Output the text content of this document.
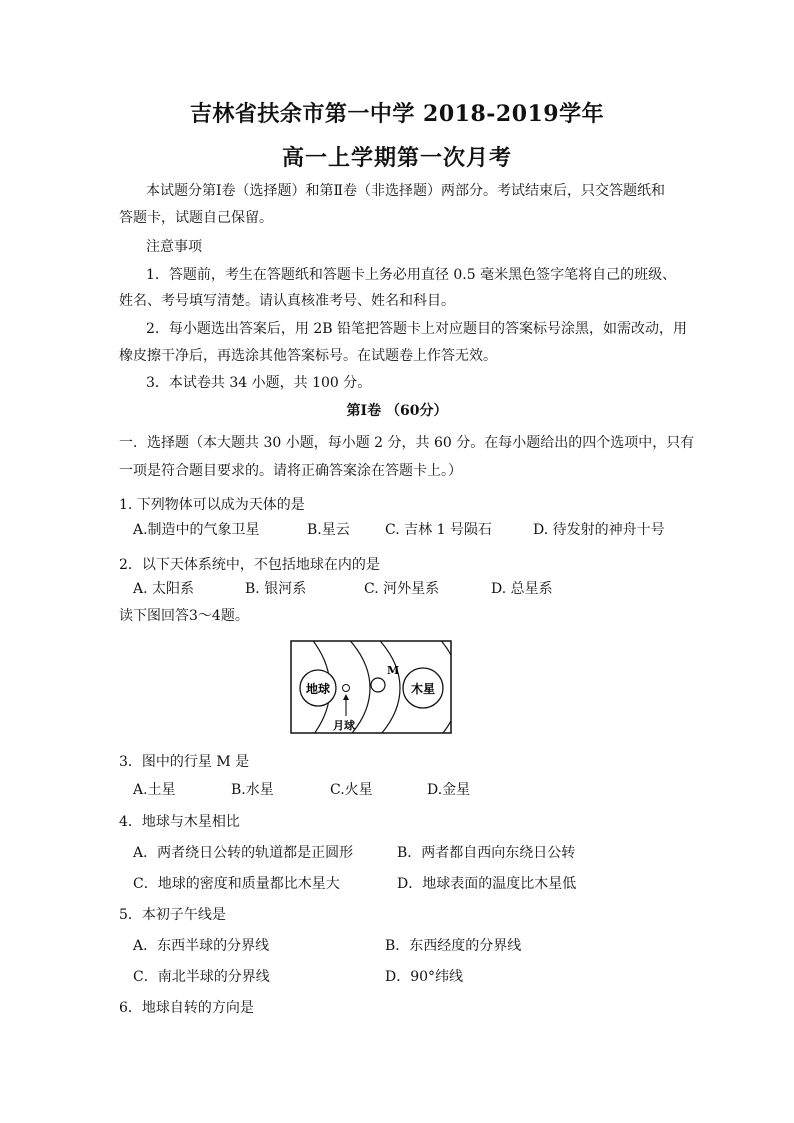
吉林省扶余市第一中学 2018-2019学年
高一上学期第一次月考
本试题分第Ⅰ卷（选择题）和第Ⅱ卷（非选择题）两部分。考试结束后，只交答题纸和
答题卡，试题自己保留。
注意事项
1．答题前，考生在答题纸和答题卡上务必用直径 0.5 毫米黑色签字笔将自己的班级、
姓名、考号填写清楚。请认真核准考号、姓名和科目。
2．每小题选出答案后，用 2B 铅笔把答题卡上对应题目的答案标号涂黑，如需改动，用
橡皮擦干净后，再选涂其他答案标号。在试题卷上作答无效。
3．本试卷共 34 小题，共 100 分。
第Ⅰ卷 （60分）
一．选择题（本大题共 30 小题，每小题 2 分，共 60 分。在每小题给出的四个选项中，只有
一项是符合题目要求的。请将正确答案涂在答题卡上。）
1. 下列物体可以成为天体的是
A.制造中的气象卫星	B.星云	C. 吉林 1 号陨石	D. 待发射的神舟十号
2．以下天体系统中，不包括地球在内的是
A. 太阳系	B. 银河系	C. 河外星系	D. 总星系
读下图回答3～4题。
地球
月球
M
木星
3．图中的行星 M 是
A.土星	B.水星	C.火星	D.金星
4．地球与木星相比
A．两者绕日公转的轨道都是正圆形	B．两者都自西向东绕日公转
C．地球的密度和质量都比木星大	D．地球表面的温度比木星低
5．本初子午线是
A．东西半球的分界线	B．东西经度的分界线
C．南北半球的分界线	D．90°纬线
6．地球自转的方向是
